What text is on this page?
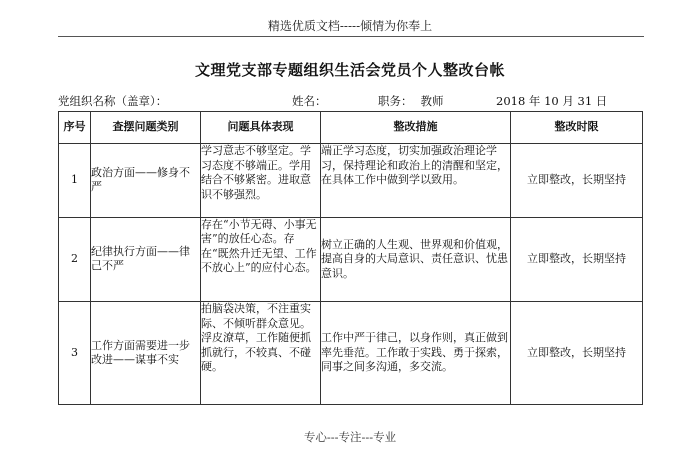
精选优质文档-----倾情为你奉上
文理党支部专题组织生活会党员个人整改台帐
党组织名称（盖章）：	姓名：	职务： 教师	2018 年 10 月 31 日
序号	查摆问题类别	问题具体表现	整改措施	整改时限
1	政治方面——修身不严	学习意志不够坚定。学习态度不够端正。学用结合不够紧密。进取意识不够强烈。	端正学习态度，切实加强政治理论学习，保持理论和政治上的清醒和坚定，在具体工作中做到学以致用。	立即整改，长期坚持
2	纪律执行方面——律己不严	存在“小节无碍、小事无害”的放任心态。存在“既然升迁无望、工作不放心上”的应付心态。	树立正确的人生观、世界观和价值观，提高自身的大局意识、责任意识、忧患意识。	立即整改，长期坚持
3	工作方面需要进一步改进——谋事不实	拍脑袋决策，不注重实际、不倾听群众意见。浮皮潦草，工作随便抓抓就行，不较真、不碰硬。	工作中严于律己，以身作则，真正做到率先垂范。工作敢于实践、勇于探索，同事之间多沟通，多交流。	立即整改，长期坚持
专心---专注---专业
